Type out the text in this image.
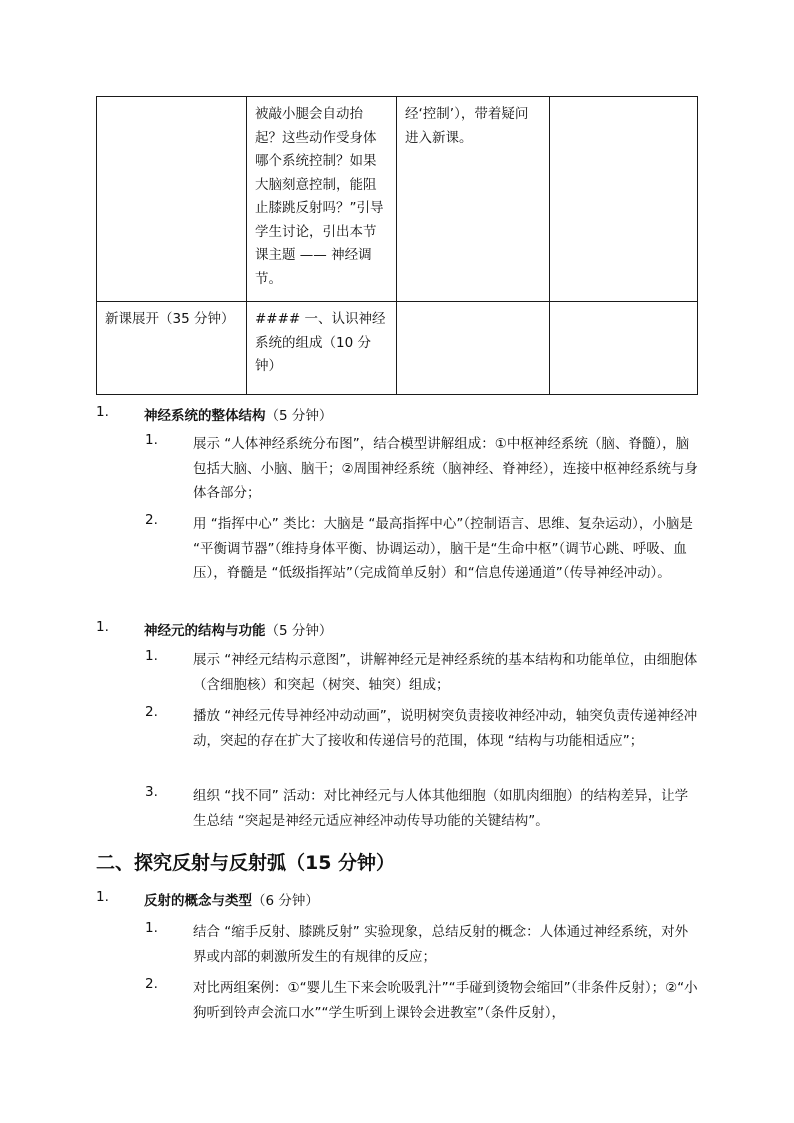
	被敲小腿会自动抬起？这些动作受身体哪个系统控制？如果大脑刻意控制，能阻止膝跳反射吗？”引导学生讨论，引出本节课主题 —— 神经调节。	经‘控制’），带着疑问进入新课。	
新课展开（35 分钟）	#### 一、认识神经系统的组成（10 分钟）		
1.	神经系统的整体结构（5 分钟）
1.	展示 “人体神经系统分布图”，结合模型讲解组成：①中枢神经系统（脑、脊髓），脑包括大脑、小脑、脑干；②周围神经系统（脑神经、脊神经），连接中枢神经系统与身体各部分；
2.	用 “指挥中心” 类比：大脑是 “最高指挥中心”（控制语言、思维、复杂运动），小脑是 “平衡调节器”（维持身体平衡、协调运动），脑干是“生命中枢”（调节心跳、呼吸、血压），脊髓是 “低级指挥站”（完成简单反射）和“信息传递通道”（传导神经冲动）。
1.	神经元的结构与功能（5 分钟）
1.	展示 “神经元结构示意图”，讲解神经元是神经系统的基本结构和功能单位，由细胞体（含细胞核）和突起（树突、轴突）组成；
2.	播放 “神经元传导神经冲动动画”，说明树突负责接收神经冲动，轴突负责传递神经冲动，突起的存在扩大了接收和传递信号的范围，体现 “结构与功能相适应”；
3.	组织 “找不同” 活动：对比神经元与人体其他细胞（如肌肉细胞）的结构差异，让学生总结 “突起是神经元适应神经冲动传导功能的关键结构”。
二、探究反射与反射弧（15 分钟）
1.	反射的概念与类型（6 分钟）
1.	结合 “缩手反射、膝跳反射” 实验现象，总结反射的概念：人体通过神经系统，对外界或内部的刺激所发生的有规律的反应；
2.	对比两组案例：①“婴儿生下来会吮吸乳汁”“手碰到烫物会缩回”（非条件反射）；②“小狗听到铃声会流口水”“学生听到上课铃会进教室”（条件反射），
